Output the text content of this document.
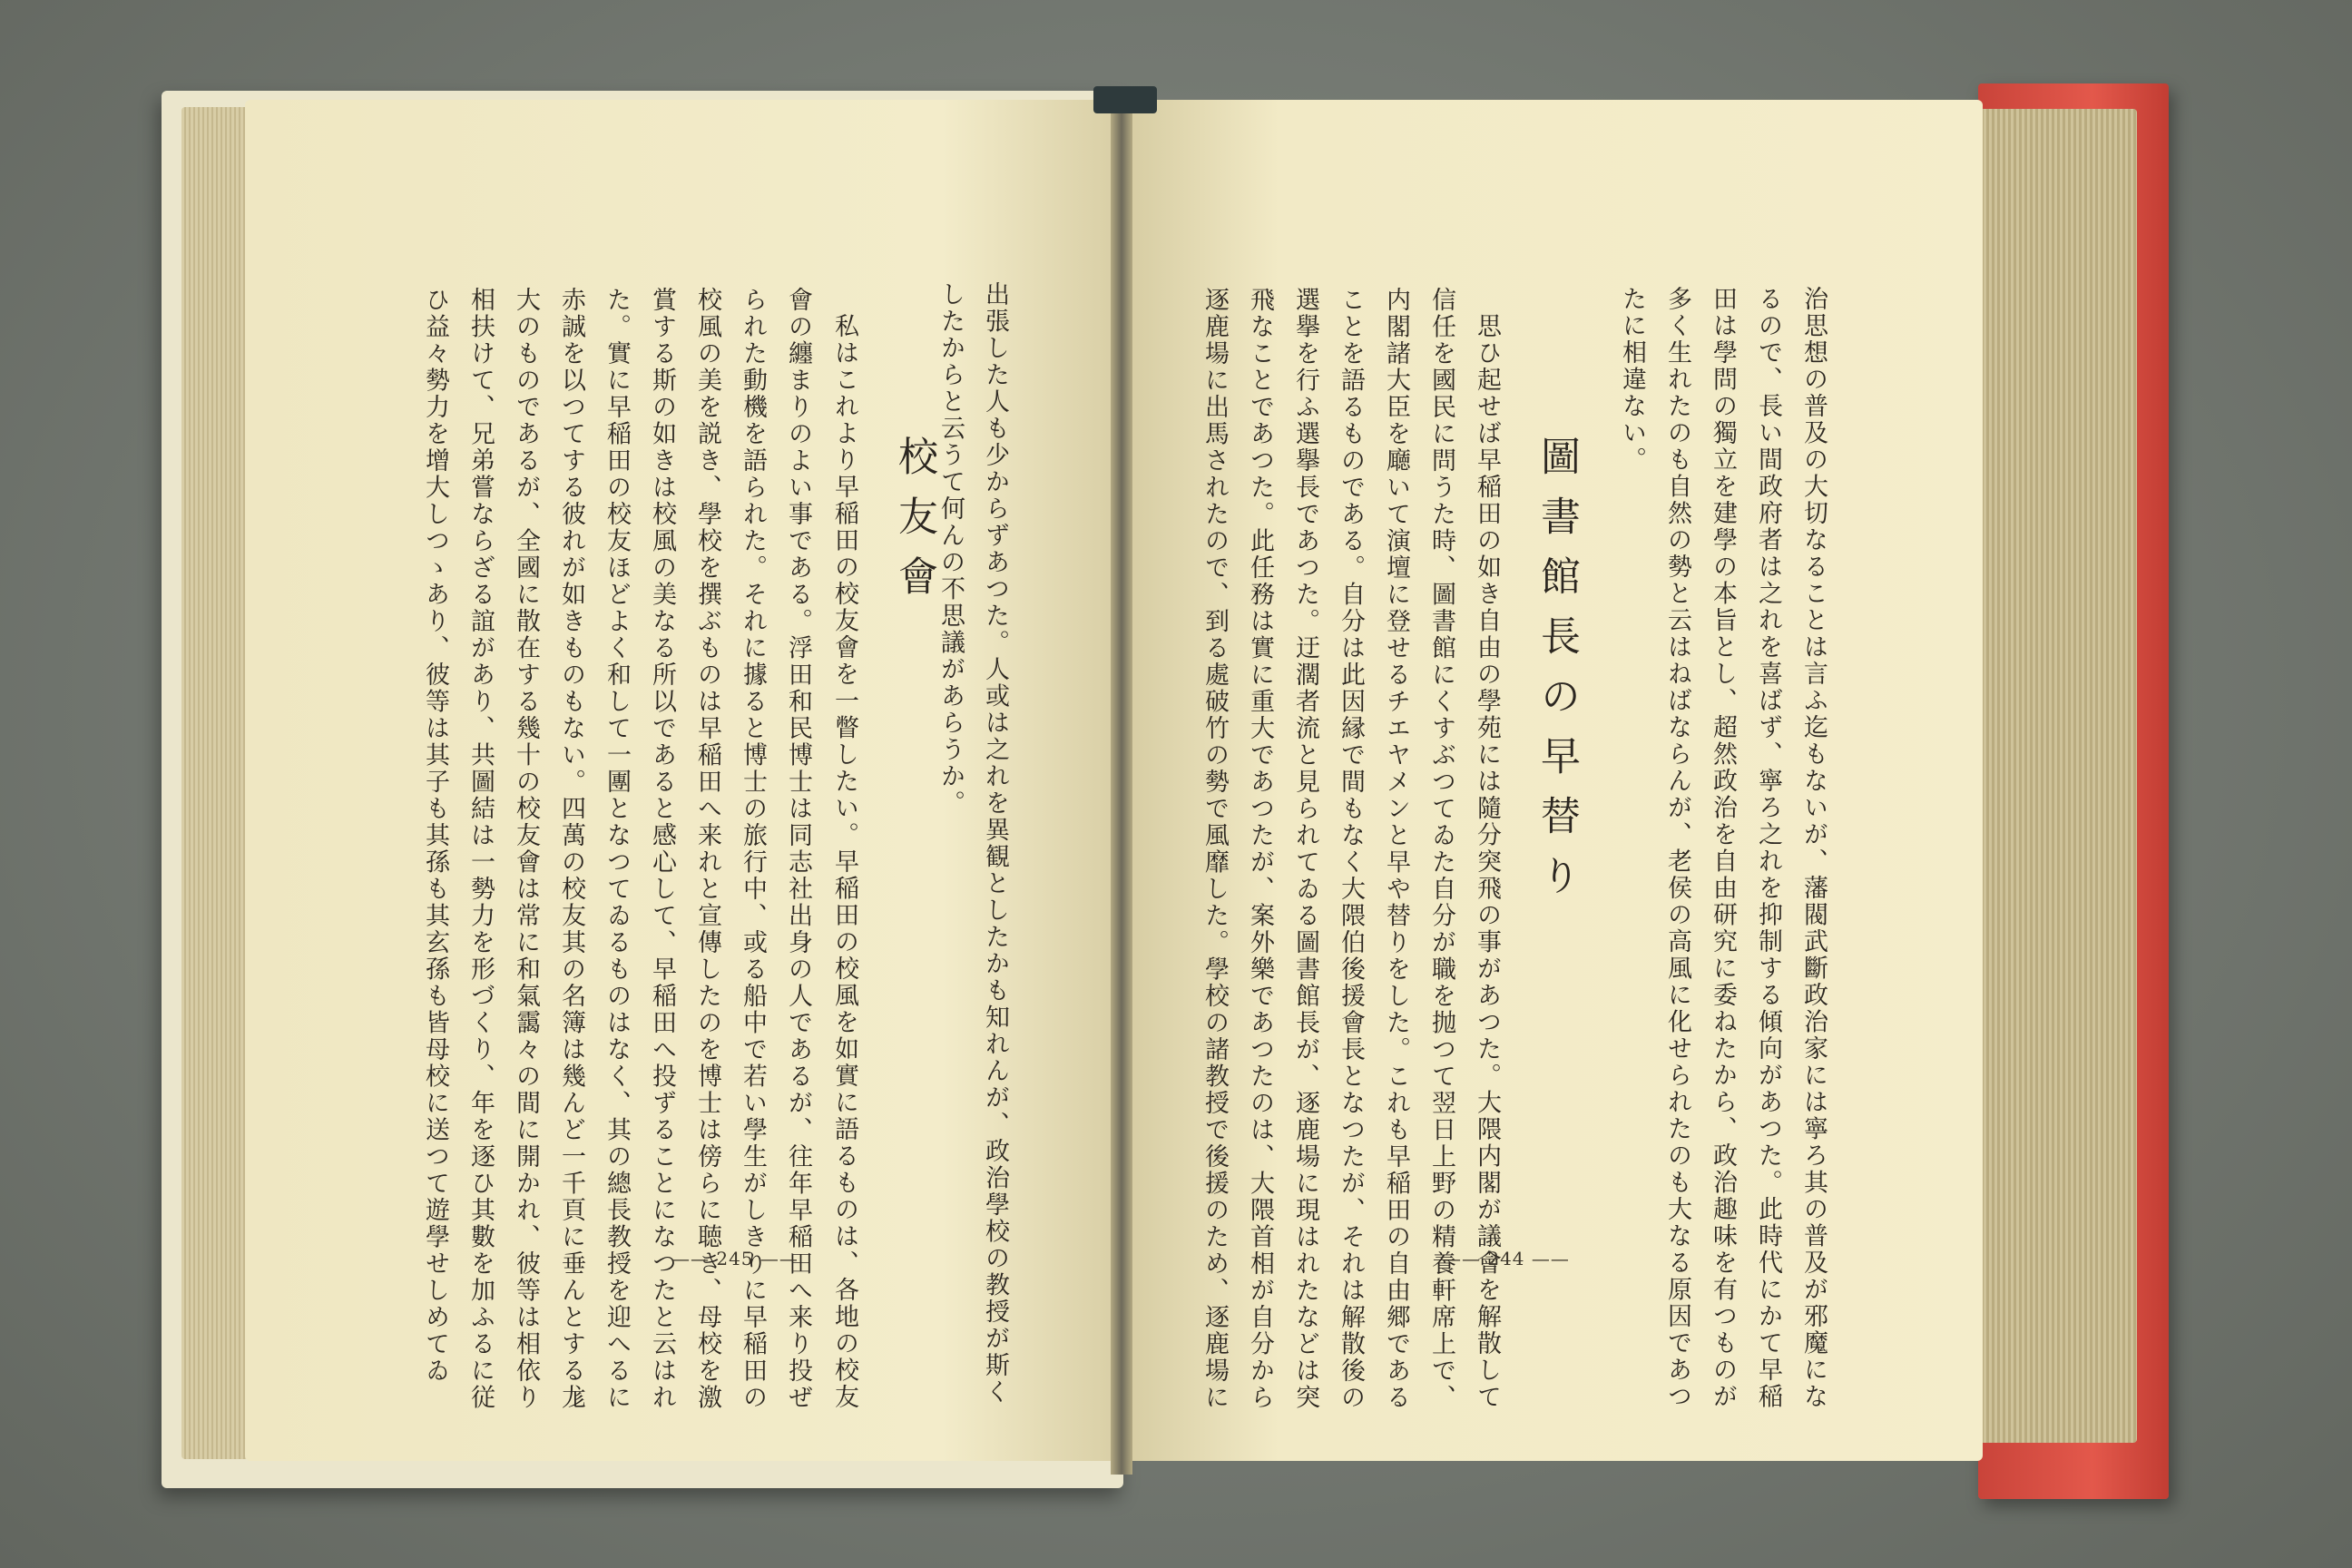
出張した人も少からずあつた。人或は之れを異観としたかも知れんが、政治學校の教授が斯く
したからと云うて何んの不思議があらうか。
校友會
私はこれより早稲田の校友會を一瞥したい。早稲田の校風を如實に語るものは、各地の校友
會の纏まりのよい事である。浮田和民博士は同志社出身の人であるが、往年早稲田へ来り投ぜ
られた動機を語られた。それに據ると博士の旅行中、或る船中で若い學生がしきりに早稲田の
校風の美を説き、學校を撰ぶものは早稲田へ来れと宣傳したのを博士は傍らに聴き、母校を激
賞する斯の如きは校風の美なる所以であると感心して、早稲田へ投ずることになつたと云はれ
た。實に早稲田の校友ほどよく和して一團となつてゐるものはなく、其の總長教授を迎へるに
赤誠を以つてする彼れが如きものもない。四萬の校友其の名簿は幾んど一千頁に垂んとする尨
大のものであるが、全國に散在する幾十の校友會は常に和氣靄々の間に開かれ、彼等は相依り
相扶けて、兄弟嘗ならざる誼があり、共圖結は一勢力を形づくり、年を逐ひ其數を加ふるに従
ひ益々勢力を增大しつゝあり、彼等は其子も其孫も其玄孫も皆母校に送つて遊學せしめてゐ	—— 245 ——	治思想の普及の大切なることは言ふ迄もないが、藩閥武斷政治家には寧ろ其の普及が邪魔にな
るので、長い間政府者は之れを喜ばず、寧ろ之れを抑制する傾向があつた。此時代にかて早稲
田は學問の獨立を建學の本旨とし、超然政治を自由研究に委ねたから、政治趣味を有つものが
多く生れたのも自然の勢と云はねばならんが、老侯の高風に化せられたのも大なる原因であつ
たに相違ない。
圖書館長の早替り
思ひ起せば早稲田の如き自由の學苑には隨分突飛の事があつた。大隈内閣が議會を解散して
信任を國民に問うた時、圖書館にくすぶつてゐた自分が職を抛つて翌日上野の精養軒席上で、
内閣諸大臣を廰いて演壇に登せるチエヤメンと早や替りをした。これも早稲田の自由郷である
ことを語るものである。自分は此因縁で間もなく大隈伯後援會長となつたが、それは解散後の
選擧を行ふ選擧長であつた。迂濶者流と見られてゐる圖書館長が、逐鹿場に現はれたなどは突
飛なことであつた。此任務は實に重大であつたが、案外樂であつたのは、大隈首相が自分から
逐鹿場に出馬されたので、到る處破竹の勢で風靡した。學校の諸教授で後援のため、逐鹿場に	—— 244 ——
